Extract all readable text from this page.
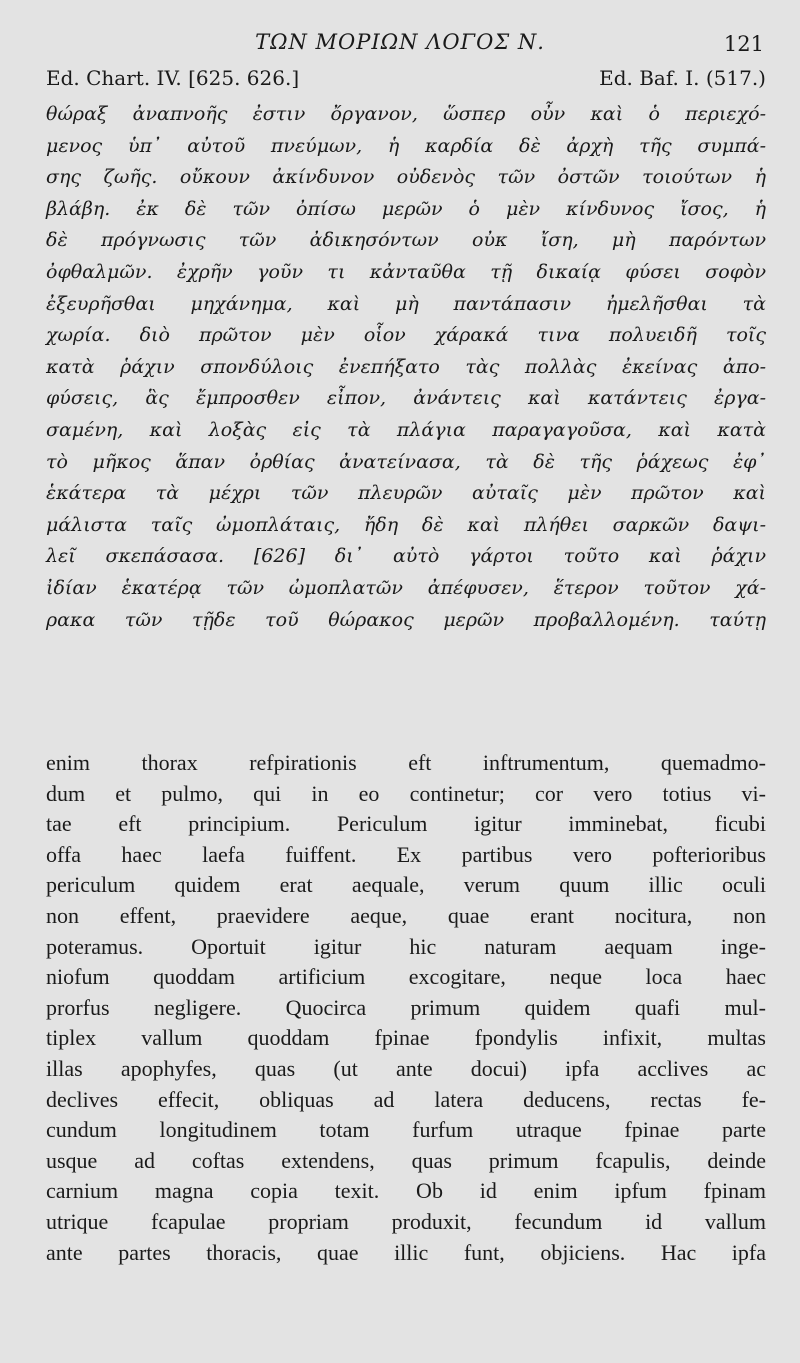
ΤΩΝ ΜΟΡΙΩΝ ΛΟΓΟΣ Ν.	121
Ed. Chart. IV. [625. 626.]	Ed. Baf. I. (517.)
θώραξ ἀναπνοῆς ἐστιν ὄργανον, ὥσπερ οὖν καὶ ὁ περιεχό-
μενος ὑπ᾽ αὐτοῦ πνεύμων, ἡ καρδία δὲ ἀρχὴ τῆς συμπά-
σης ζωῆς. οὔκουν ἀκίνδυνον οὐδενὸς τῶν ὀστῶν τοιούτων ἡ
βλάβη. ἐκ δὲ τῶν ὀπίσω μερῶν ὁ μὲν κίνδυνος ἴσος, ἡ
δὲ πρόγνωσις τῶν ἀδικησόντων οὐκ ἴση, μὴ παρόντων
ὀφθαλμῶν. ἐχρῆν γοῦν τι κἀνταῦθα τῇ δικαίᾳ φύσει σοφὸν
ἐξευρῆσθαι μηχάνημα, καὶ μὴ παντάπασιν ἠμελῆσθαι τὰ
χωρία. διὸ πρῶτον μὲν οἷον χάρακά τινα πολυειδῆ τοῖς
κατὰ ῥάχιν σπονδύλοις ἐνεπήξατο τὰς πολλὰς ἐκείνας ἀπο-
φύσεις, ἃς ἔμπροσθεν εἶπον, ἀνάντεις καὶ κατάντεις ἐργα-
σαμένη, καὶ λοξὰς εἰς τὰ πλάγια παραγαγοῦσα, καὶ κατὰ
τὸ μῆκος ἅπαν ὀρθίας ἀνατείνασα, τὰ δὲ τῆς ῥάχεως ἐφ᾽
ἑκάτερα τὰ μέχρι τῶν πλευρῶν αὐταῖς μὲν πρῶτον καὶ
μάλιστα ταῖς ὠμοπλάταις, ἤδη δὲ καὶ πλήθει σαρκῶν δαψι-
λεῖ σκεπάσασα. [626] δι᾽ αὐτὸ γάρτοι τοῦτο καὶ ῥάχιν
ἰδίαν ἑκατέρᾳ τῶν ὠμοπλατῶν ἀπέφυσεν, ἕτερον τοῦτον χά-
ρακα τῶν τῇδε τοῦ θώρακος μερῶν προβαλλομένη. ταύτῃ
enim thorax refpirationis eft inftrumentum, quemadmo-
dum et pulmo, qui in eo continetur; cor vero totius vi-
tae eft principium. Periculum igitur imminebat, ficubi
offa haec laefa fuiffent. Ex partibus vero pofterioribus
periculum quidem erat aequale, verum quum illic oculi
non effent, praevidere aeque, quae erant nocitura, non
poteramus. Oportuit igitur hic naturam aequam inge-
niofum quoddam artificium excogitare, neque loca haec
prorfus negligere. Quocirca primum quidem quafi mul-
tiplex vallum quoddam fpinae fpondylis infixit, multas
illas apophyfes, quas (ut ante docui) ipfa acclives ac
declives effecit, obliquas ad latera deducens, rectas fe-
cundum longitudinem totam furfum utraque fpinae parte
usque ad coftas extendens, quas primum fcapulis, deinde
carnium magna copia texit. Ob id enim ipfum fpinam
utrique fcapulae propriam produxit, fecundum id vallum
ante partes thoracis, quae illic funt, objiciens. Hac ipfa
